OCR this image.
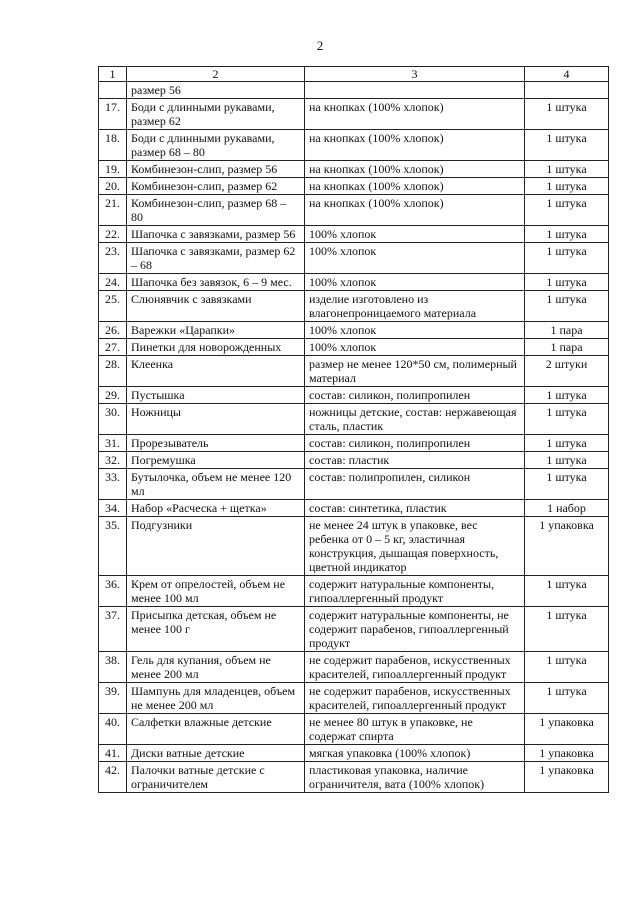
2
1	2	3	4
	размер 56		
17.	Боди с длинными рукавами, размер 62	на кнопках (100% хлопок)	1 штука
18.	Боди с длинными рукавами, размер 68 – 80	на кнопках (100% хлопок)	1 штука
19.	Комбинезон-слип, размер 56	на кнопках (100% хлопок)	1 штука
20.	Комбинезон-слип, размер 62	на кнопках (100% хлопок)	1 штука
21.	Комбинезон-слип, размер 68 – 80	на кнопках (100% хлопок)	1 штука
22.	Шапочка с завязками, размер 56	100% хлопок	1 штука
23.	Шапочка с завязками, размер 62 – 68	100% хлопок	1 штука
24.	Шапочка без завязок, 6 – 9 мес.	100% хлопок	1 штука
25.	Слюнявчик с завязками	изделие изготовлено из влагонепроницаемого материала	1 штука
26.	Варежки «Царапки»	100% хлопок	1 пара
27.	Пинетки для новорожденных	100% хлопок	1 пара
28.	Клеенка	размер не менее 120*50 см, полимерный материал	2 штуки
29.	Пустышка	состав: силикон, полипропилен	1 штука
30.	Ножницы	ножницы детские, состав: нержавеющая сталь, пластик	1 штука
31.	Прорезыватель	состав: силикон, полипропилен	1 штука
32.	Погремушка	состав: пластик	1 штука
33.	Бутылочка, объем не менее 120 мл	состав: полипропилен, силикон	1 штука
34.	Набор «Расческа + щетка»	состав: синтетика, пластик	1 набор
35.	Подгузники	не менее 24 штук в упаковке, вес ребенка от 0 – 5 кг, эластичная конструкция, дышащая поверхность, цветной индикатор	1 упаковка
36.	Крем от опрелостей, объем не менее 100 мл	содержит натуральные компоненты, гипоаллергенный продукт	1 штука
37.	Присыпка детская, объем не менее 100 г	содержит натуральные компоненты, не содержит парабенов, гипоаллергенный продукт	1 штука
38.	Гель для купания, объем не менее 200 мл	не содержит парабенов, искусственных красителей, гипоаллергенный продукт	1 штука
39.	Шампунь для младенцев, объем не менее 200 мл	не содержит парабенов, искусственных красителей, гипоаллергенный продукт	1 штука
40.	Салфетки влажные детские	не менее 80 штук в упаковке, не содержат спирта	1 упаковка
41.	Диски ватные детские	мягкая упаковка (100% хлопок)	1 упаковка
42.	Палочки ватные детские с ограничителем	пластиковая упаковка, наличие ограничителя, вата (100% хлопок)	1 упаковка
